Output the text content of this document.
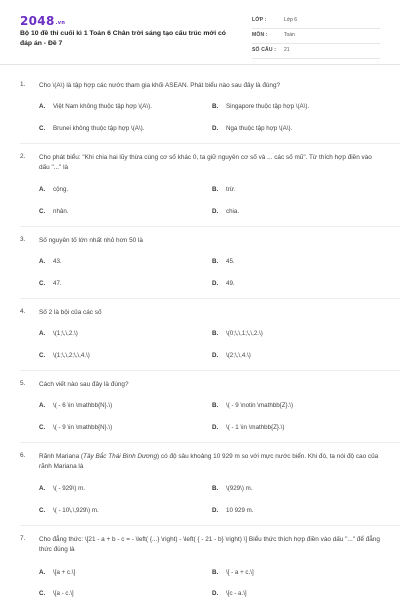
$2048^{.vn}$
Bộ 10 đề thi cuối kì 1 Toán 6 Chân trời sáng tạo cấu trúc mới có đáp án - Đề 7
LỚP :	Lớp 6
MÔN :	Toán
SỐ CÂU : 21
1. Cho \(A\) là tập hợp các nước tham gia khối ASEAN. Phát biểu nào sau đây là đúng?
A. Việt Nam không thuộc tập hợp \(A\).	B. Singapore thuộc tập hợp \(A\).
C. Brunei không thuộc tập hợp \(A\).	D. Nga thuộc tập hợp \(A\).
2. Cho phát biểu: "Khi chia hai lũy thừa cùng cơ số khác 0, ta giữ nguyên cơ số và ... các số mũ". Từ thích hợp điền vào dấu "..." là
A. cộng.	B. trừ.
C. nhân.	D. chia.
3. Số nguyên tố lớn nhất nhỏ hơn 50 là
A. 43.	B. 45.
C. 47.	D. 49.
4. Số 2 là bội của các số
A. \(1;\,\,2.\)	B. \(0;\,\,1;\,\,2.\)
C. \(1;\,\,2;\,\,4.\)	D. \(2;\,\,4.\)
5. Cách viết nào sau đây là đúng?
A. \( - 6 \in \mathbb{N}.\)	B. \( - 9 \notin \mathbb{Z}.\)
C. \( - 9 \in \mathbb{N}.\)	D. \( - 1 \in \mathbb{Z}.\)
6. Rãnh Mariana (Tây Bắc Thái Bình Dương) có độ sâu khoảng 10 929 m so với mực nước biển. Khi đó, ta nói độ cao của rãnh Mariana là
A. \( - 929\) m.	B. \(929\) m.
C. \( - 10\,\,929\) m.	D. 10 929 m.
7. Cho đẳng thức: \[21 - a + b - c = - \left( {...} \right) - \left( { - 21 - b} \right) \] Biểu thức thích hợp điền vào dấu "..." để đẳng thức đúng là
A. \[a + c.\]	B. \[ - a + c.\]
C. \[a - c.\]	D. \[c - a.\]
